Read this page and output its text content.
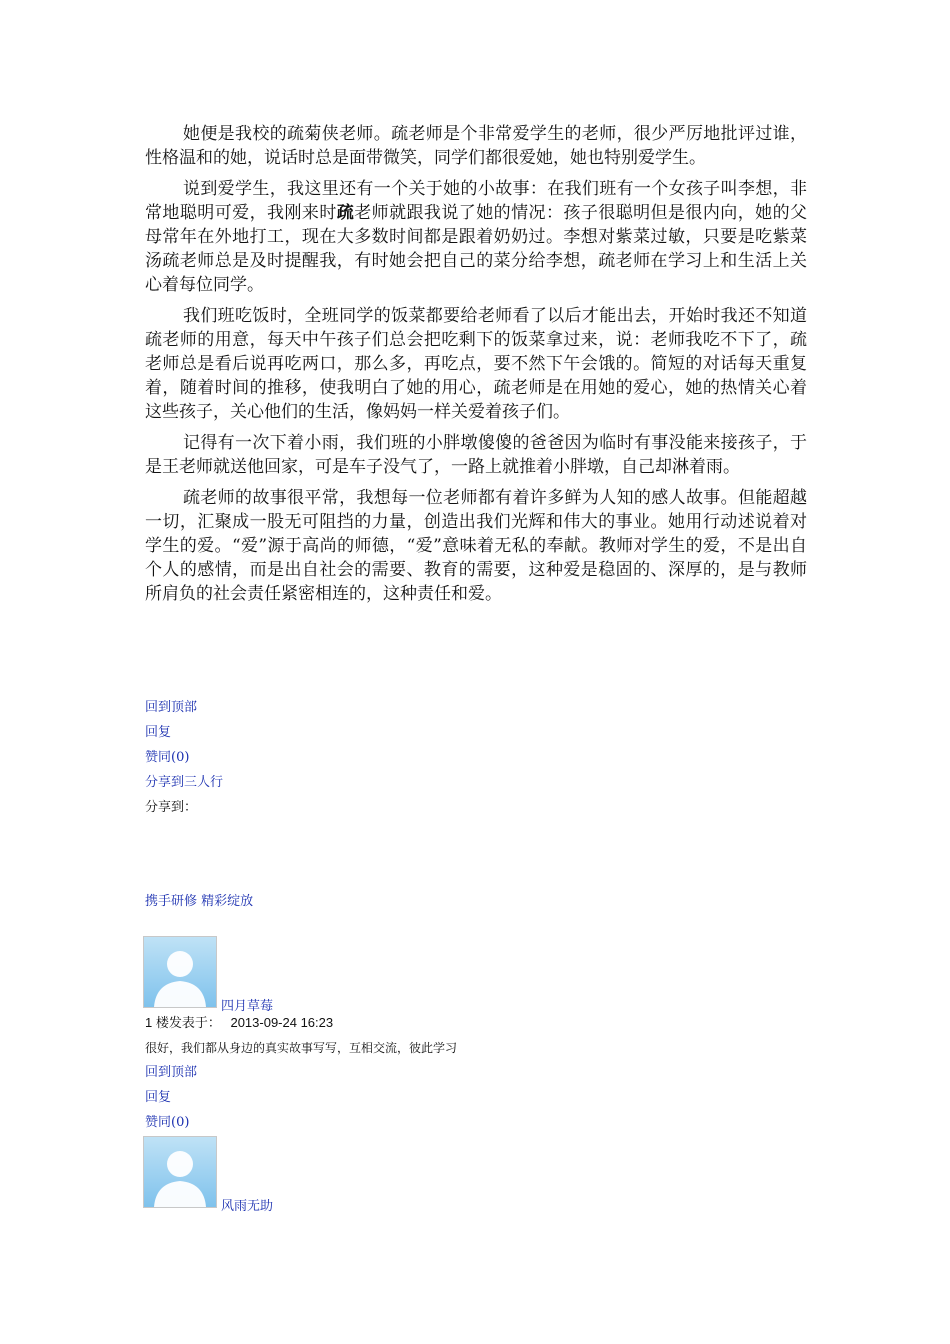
她便是我校的疏菊侠老师。疏老师是个非常爱学生的老师，很少严厉地批评过谁，性格温和的她，说话时总是面带微笑，同学们都很爱她，她也特别爱学生。

说到爱学生，我这里还有一个关于她的小故事：在我们班有一个女孩子叫李想，非常地聪明可爱，我刚来时疏老师就跟我说了她的情况：孩子很聪明但是很内向，她的父母常年在外地打工，现在大多数时间都是跟着奶奶过。李想对紫菜过敏，只要是吃紫菜汤疏老师总是及时提醒我，有时她会把自己的菜分给李想，疏老师在学习上和生活上关心着每位同学。

我们班吃饭时，全班同学的饭菜都要给老师看了以后才能出去，开始时我还不知道疏老师的用意，每天中午孩子们总会把吃剩下的饭菜拿过来，说：老师我吃不下了，疏老师总是看后说再吃两口，那么多，再吃点，要不然下午会饿的。简短的对话每天重复着，随着时间的推移，使我明白了她的用心，疏老师是在用她的爱心，她的热情关心着这些孩子，关心他们的生活，像妈妈一样关爱着孩子们。

记得有一次下着小雨，我们班的小胖墩傻傻的爸爸因为临时有事没能来接孩子，于是王老师就送他回家，可是车子没气了，一路上就推着小胖墩，自己却淋着雨。

疏老师的故事很平常，我想每一位老师都有着许多鲜为人知的感人故事。但能超越一切，汇聚成一股无可阻挡的力量，创造出我们光辉和伟大的事业。她用行动述说着对学生的爱。“爱”源于高尚的师德，“爱”意味着无私的奉献。教师对学生的爱，不是出自个人的感情，而是出自社会的需要、教育的需要，这种爱是稳固的、深厚的，是与教师所肩负的社会责任紧密相连的，这种责任和爱。

回到顶部
回复
赞同(0)
分享到三人行
分享到：
携手研修 精彩绽放
四月草莓
1 楼发表于： 2013-09-24 16:23
很好，我们都从身边的真实故事写写，互相交流，彼此学习
回到顶部
回复
赞同(0)
风雨无助
